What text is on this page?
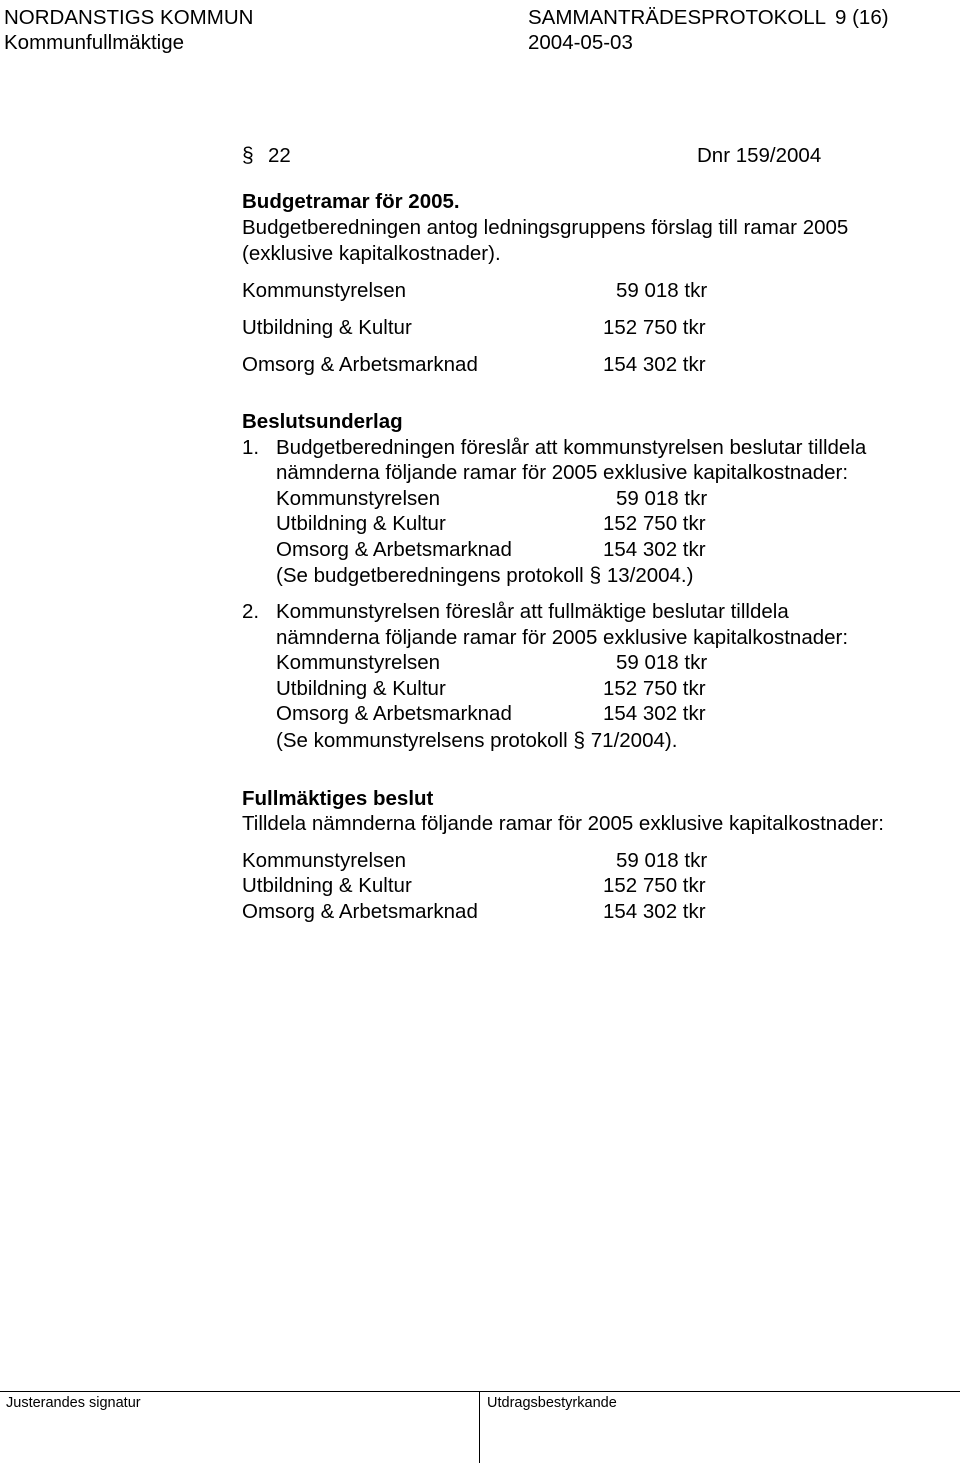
NORDANSTIGS KOMMUN	SAMMANTRÄDESPROTOKOLL 9 (16)
Kommunfullmäktige	2004-05-03
§ 22	Dnr 159/2004
Budgetramar för 2005.
Budgetberedningen antog ledningsgruppens förslag till ramar 2005
(exklusive kapitalkostnader).
Kommunstyrelsen	59 018 tkr
Utbildning & Kultur	152 750 tkr
Omsorg & Arbetsmarknad	154 302 tkr
Beslutsunderlag
1. Budgetberedningen föreslår att kommunstyrelsen beslutar tilldela
nämnderna följande ramar för 2005 exklusive kapitalkostnader:
Kommunstyrelsen	59 018 tkr
Utbildning & Kultur	152 750 tkr
Omsorg & Arbetsmarknad	154 302 tkr
(Se budgetberedningens protokoll § 13/2004.)
2. Kommunstyrelsen föreslår att fullmäktige beslutar tilldela
nämnderna följande ramar för 2005 exklusive kapitalkostnader:
Kommunstyrelsen	59 018 tkr
Utbildning & Kultur	152 750 tkr
Omsorg & Arbetsmarknad	154 302 tkr
(Se kommunstyrelsens protokoll § 71/2004).
Fullmäktiges beslut
Tilldela nämnderna följande ramar för 2005 exklusive kapitalkostnader:
Kommunstyrelsen	59 018 tkr
Utbildning & Kultur	152 750 tkr
Omsorg & Arbetsmarknad	154 302 tkr
Justerandes signatur	Utdragsbestyrkande
